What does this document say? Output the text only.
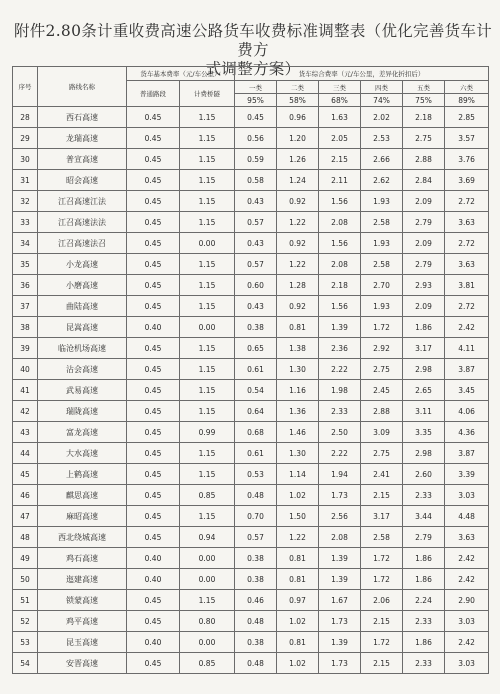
附件2.80条计重收费高速公路货车收费标准调整表（优化完善货车计费方
式调整方案）
序号	路线名称	货车基本费率（元/车公里）		货车综合费率（元/车公里，差异化折扣后）					
		普通路段	计费桥隧	一类	二类	三类	四类	五类	六类
				95%	58%	68%	74%	75%	89%
28	西石高速	0.45	1.15	0.45	0.96	1.63	2.02	2.18	2.85
29	龙瑞高速	0.45	1.15	0.56	1.20	2.05	2.53	2.75	3.57
30	普宣高速	0.45	1.15	0.59	1.26	2.15	2.66	2.88	3.76
31	昭会高速	0.45	1.15	0.58	1.24	2.11	2.62	2.84	3.69
32	江召高速江法	0.45	1.15	0.43	0.92	1.56	1.93	2.09	2.72
33	江召高速法法	0.45	1.15	0.57	1.22	2.08	2.58	2.79	3.63
34	江召高速法召	0.45	0.00	0.43	0.92	1.56	1.93	2.09	2.72
35	小龙高速	0.45	1.15	0.57	1.22	2.08	2.58	2.79	3.63
36	小磨高速	0.45	1.15	0.60	1.28	2.18	2.70	2.93	3.81
37	曲陆高速	0.45	1.15	0.43	0.92	1.56	1.93	2.09	2.72
38	昆嵩高速	0.40	0.00	0.38	0.81	1.39	1.72	1.86	2.42
39	临沧机场高速	0.45	1.15	0.65	1.38	2.36	2.92	3.17	4.11
40	沾会高速	0.45	1.15	0.61	1.30	2.22	2.75	2.98	3.87
41	武易高速	0.45	1.15	0.54	1.16	1.98	2.45	2.65	3.45
42	瑞陇高速	0.45	1.15	0.64	1.36	2.33	2.88	3.11	4.06
43	富龙高速	0.45	0.99	0.68	1.46	2.50	3.09	3.35	4.36
44	大水高速	0.45	1.15	0.61	1.30	2.22	2.75	2.98	3.87
45	上鹤高速	0.45	1.15	0.53	1.14	1.94	2.41	2.60	3.39
46	麒思高速	0.45	0.85	0.48	1.02	1.73	2.15	2.33	3.03
47	麻昭高速	0.45	1.15	0.70	1.50	2.56	3.17	3.44	4.48
48	西北绕城高速	0.45	0.94	0.57	1.22	2.08	2.58	2.79	3.63
49	鸡石高速	0.40	0.00	0.38	0.81	1.39	1.72	1.86	2.42
50	迤建高速	0.40	0.00	0.38	0.81	1.39	1.72	1.86	2.42
51	锁蒙高速	0.45	1.15	0.46	0.97	1.67	2.06	2.24	2.90
52	鸡平高速	0.45	0.80	0.48	1.02	1.73	2.15	2.33	3.03
53	昆玉高速	0.40	0.00	0.38	0.81	1.39	1.72	1.86	2.42
54	安晋高速	0.45	0.85	0.48	1.02	1.73	2.15	2.33	3.03
